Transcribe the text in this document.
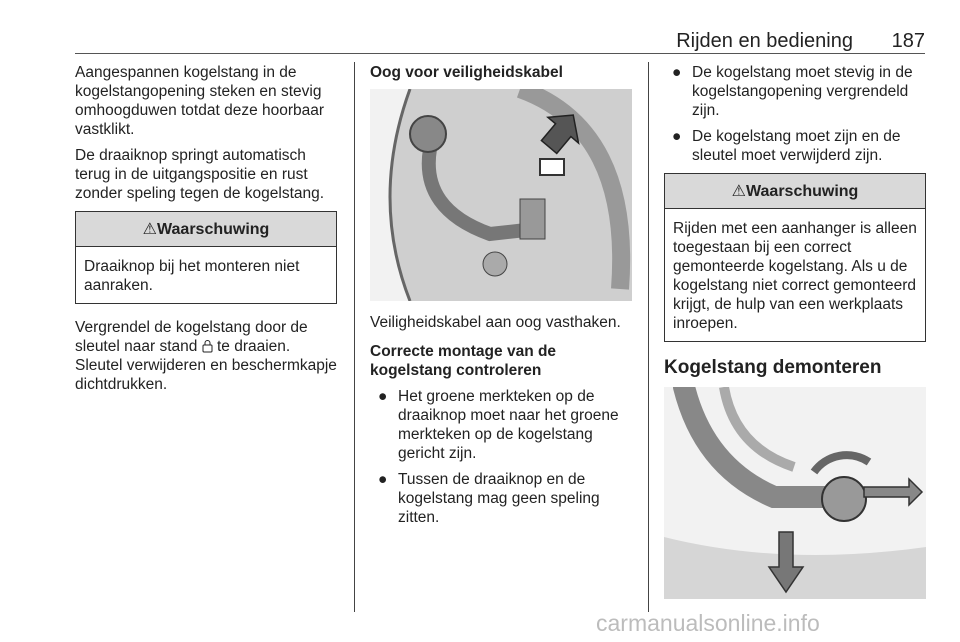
Rijden en bediening 187

Aangespannen kogelstang in de kogelstangopening steken en stevig omhoogduwen totdat deze hoorbaar vastklikt.

De draaiknop springt automatisch terug in de uitgangspositie en rust zonder speling tegen de kogelstang.

⚠ Waarschuwing
Draaiknop bij het monteren niet aanraken.

Vergrendel de kogelstang door de sleutel naar stand  te draaien. Sleutel verwijderen en beschermkapje dichtdrukken.

Oog voor veiligheidskabel

Veiligheidskabel aan oog vasthaken.

Correcte montage van de kogelstang controleren

● Het groene merkteken op de draaiknop moet naar het groene merkteken op de kogelstang gericht zijn.
● Tussen de draaiknop en de kogelstang mag geen speling zitten.
● De kogelstang moet stevig in de kogelstangopening vergrendeld zijn.
● De kogelstang moet zijn en de sleutel moet verwijderd zijn.
⚠ Waarschuwing
Rijden met een aanhanger is alleen toegestaan bij een correct gemonteerde kogelstang. Als u de kogelstang niet correct gemonteerd krijgt, de hulp van een werkplaats inroepen.

Kogelstang demonteren

carmanualsonline.info
